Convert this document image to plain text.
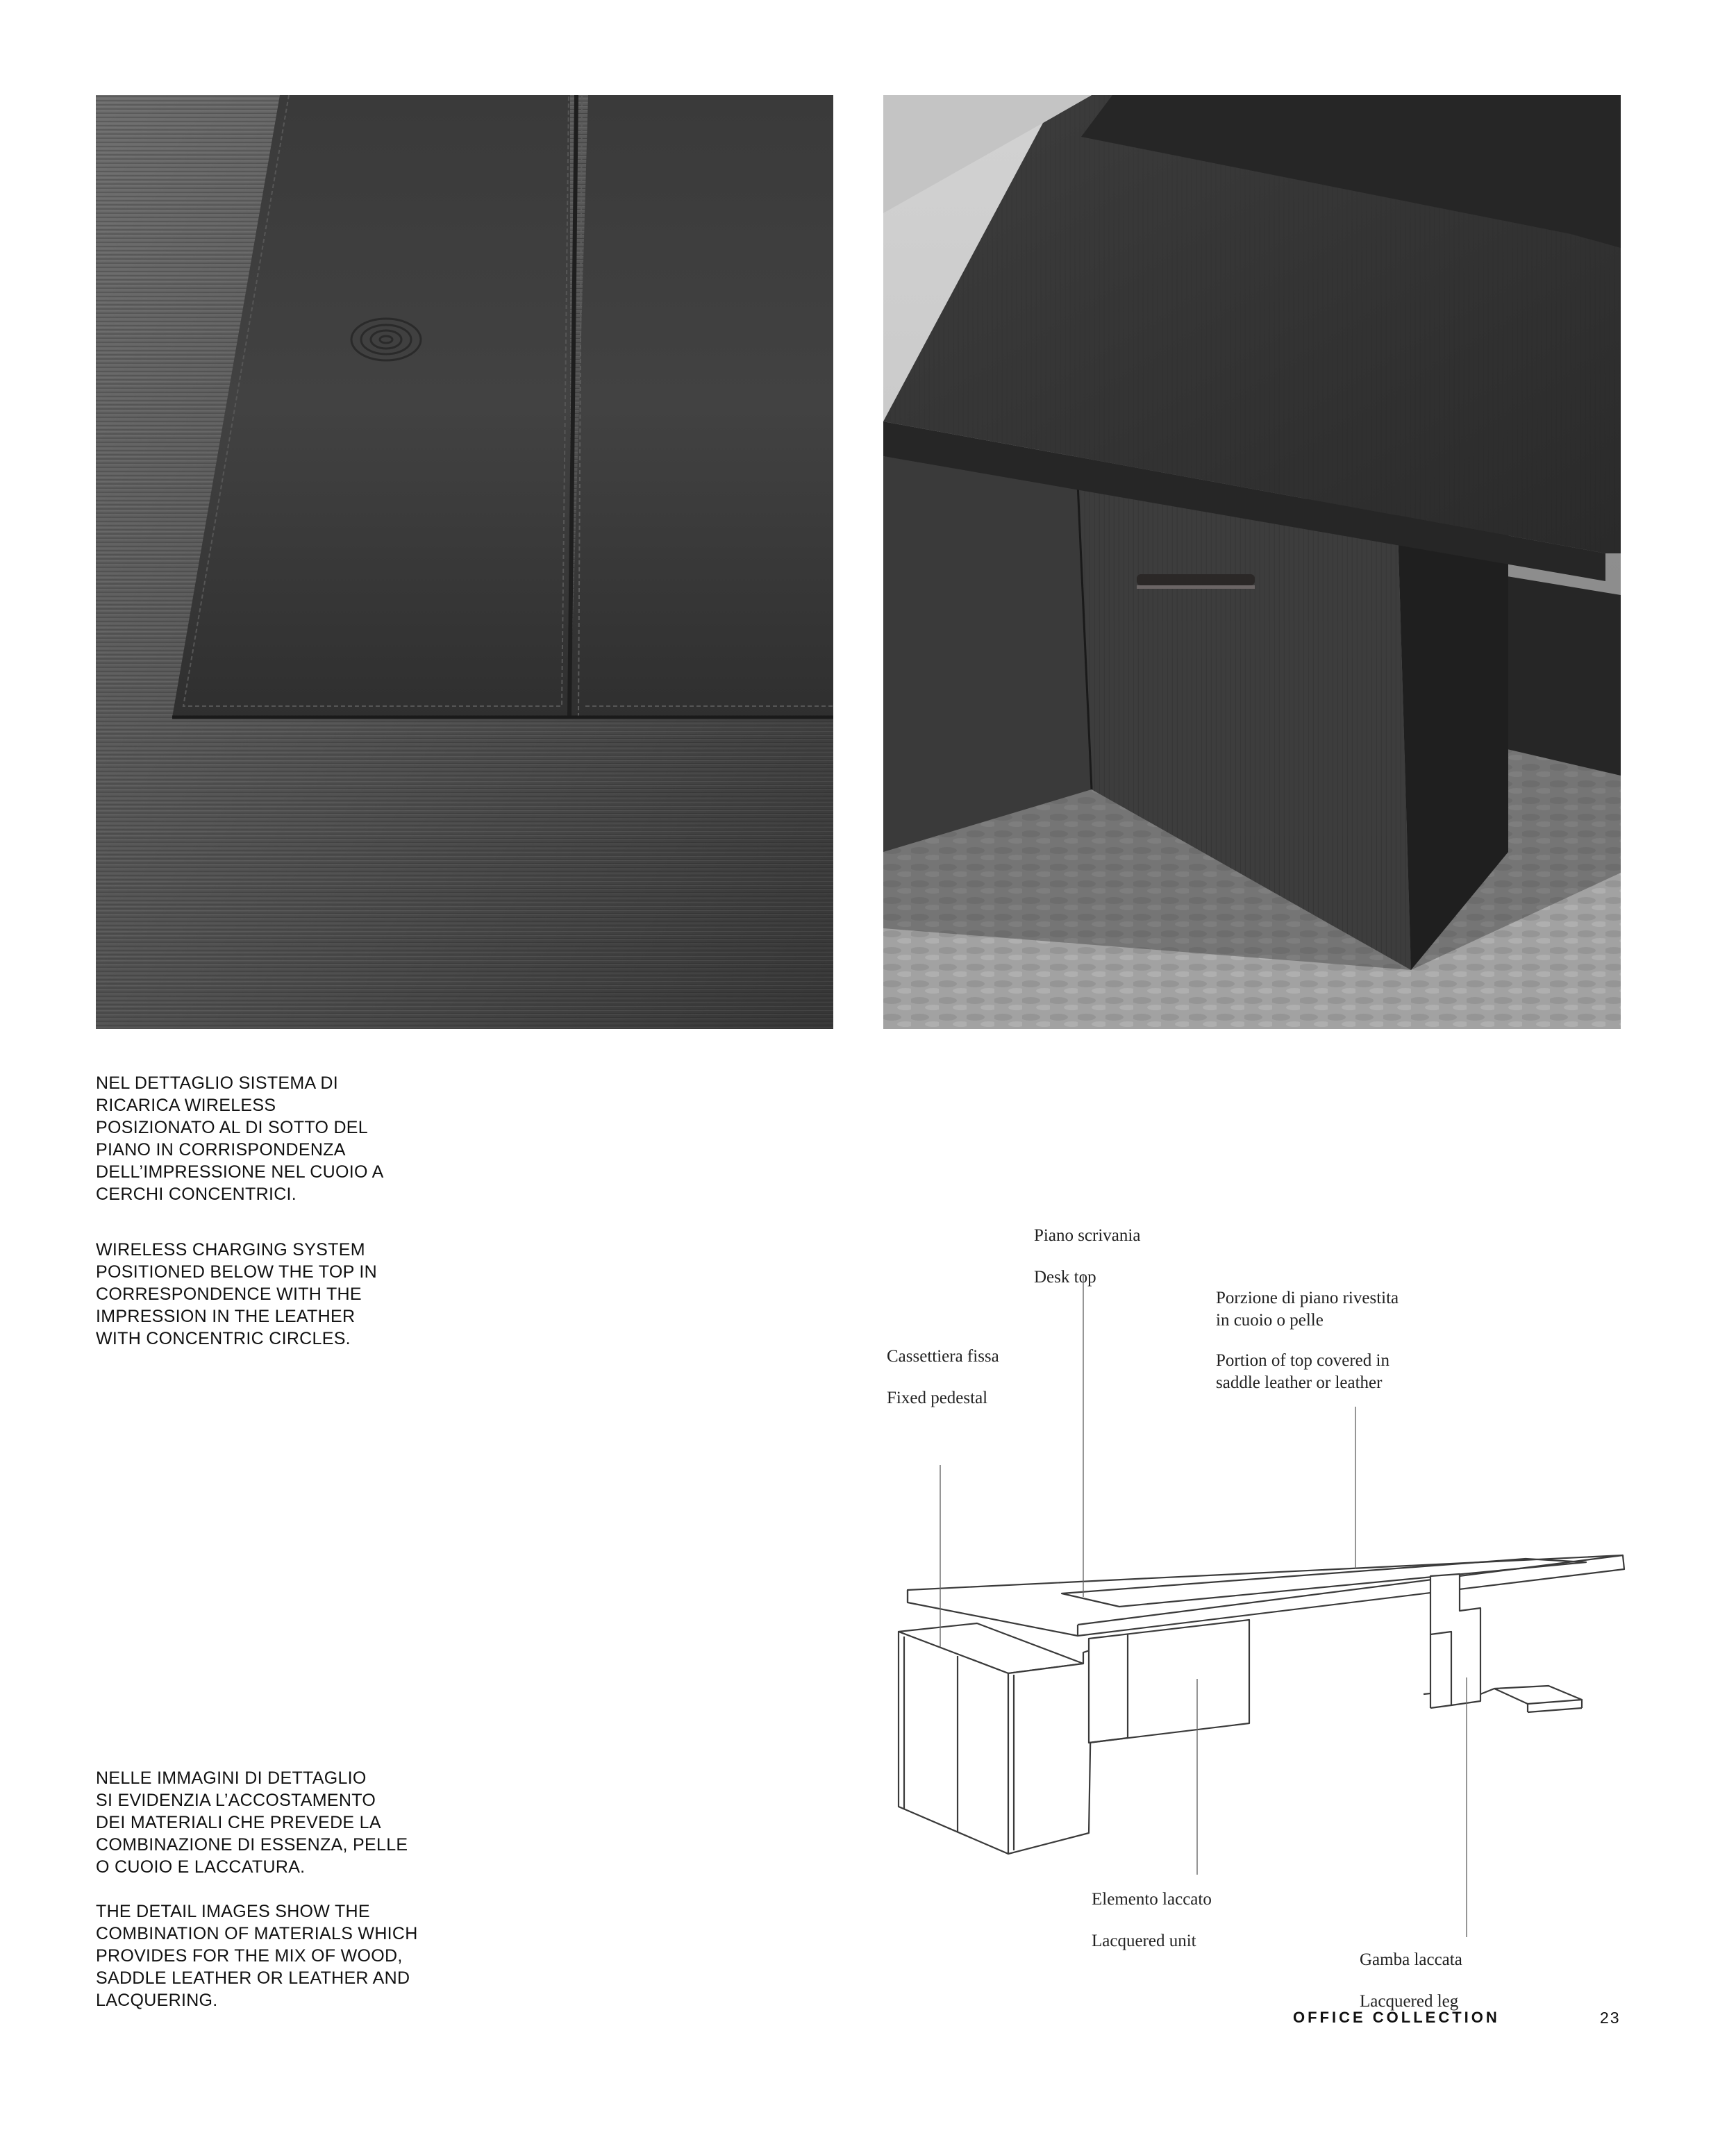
NEL DETTAGLIO SISTEMA DI
RICARICA WIRELESS
POSIZIONATO AL DI SOTTO DEL
PIANO IN CORRISPONDENZA
DELL’IMPRESSIONE NEL CUOIO A
CERCHI CONCENTRICI.

WIRELESS CHARGING SYSTEM
POSITIONED BELOW THE TOP IN
CORRESPONDENCE WITH THE
IMPRESSION IN THE LEATHER
WITH CONCENTRIC CIRCLES.

NELLE IMMAGINI DI DETTAGLIO
SI EVIDENZIA L’ACCOSTAMENTO
DEI MATERIALI CHE PREVEDE LA
COMBINAZIONE DI ESSENZA, PELLE
O CUOIO E LACCATURA.

THE DETAIL IMAGES SHOW THE
COMBINATION OF MATERIALS WHICH
PROVIDES FOR THE MIX OF WOOD,
SADDLE LEATHER OR LEATHER AND
LACQUERING.

Piano scrivania

Desk top

Porzione di piano rivestita
in cuoio o pelle

Portion of top covered in
saddle leather or leather

Cassettiera fissa

Fixed pedestal

Elemento laccato

Lacquered unit

Gamba laccata

Lacquered leg

OFFICE COLLECTION	23
